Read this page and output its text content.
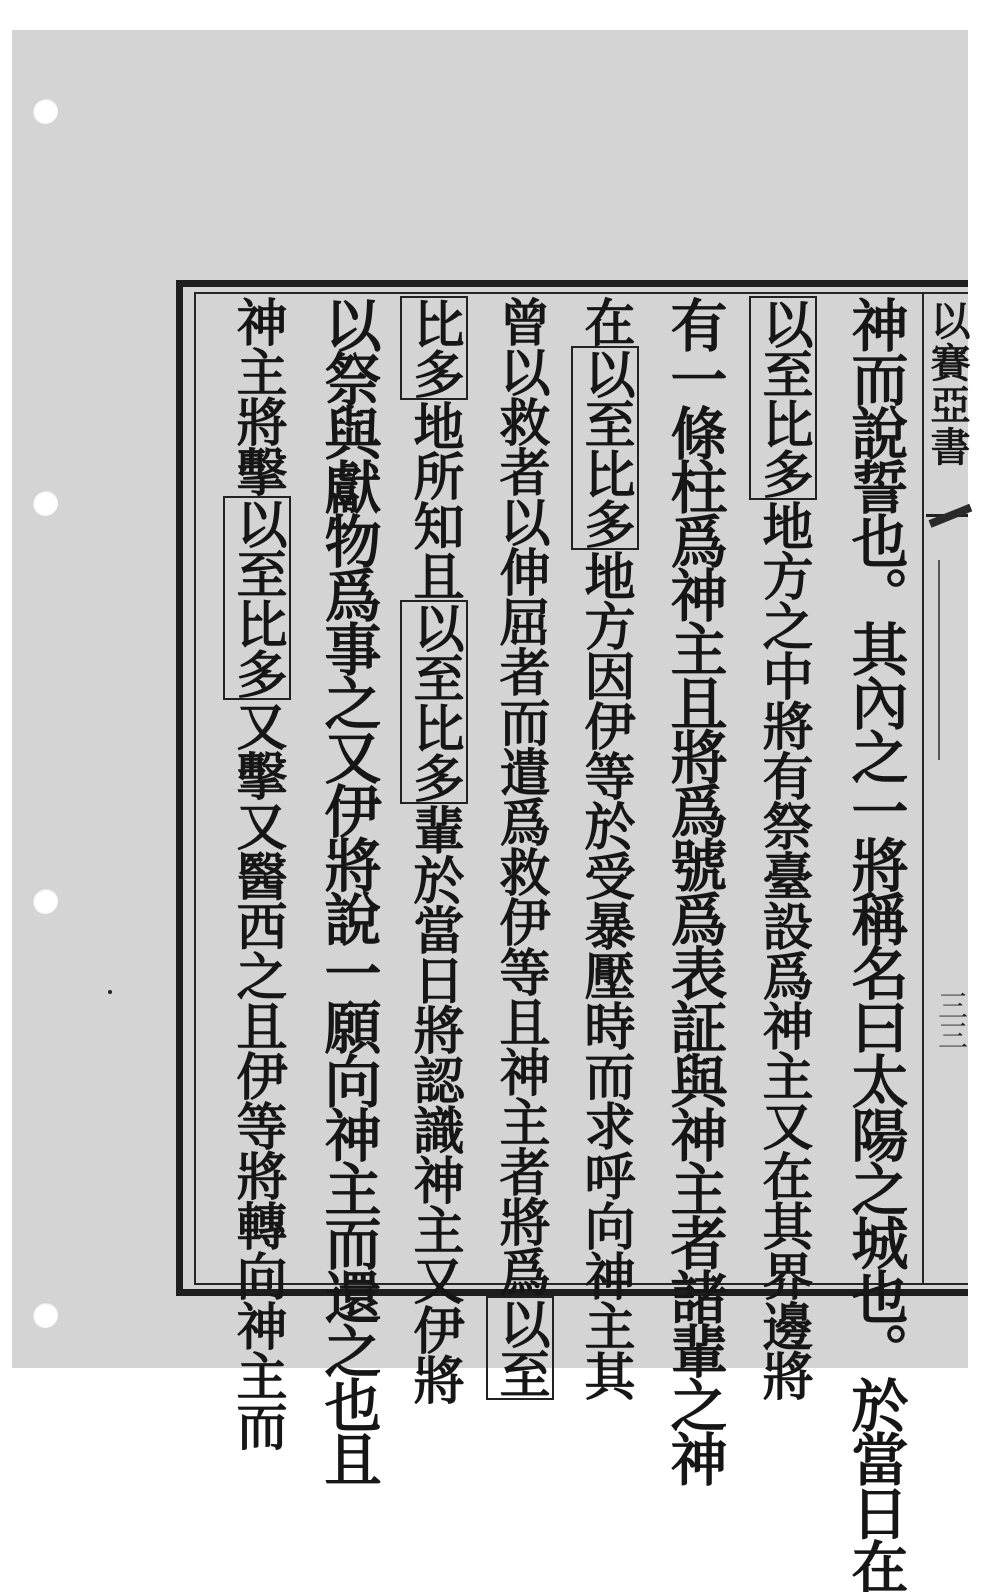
以賽亞書
三三
神而說誓也。其內之一將稱名曰太陽之城也。於當日在
以至比多地方之中將有祭臺設爲神主又在其界邊將
有一條柱爲神主且將爲號爲表証與神主者諸輩之神
在以至比多地方因伊等於受暴壓時而求呼向神主其
曾以救者以伸屈者而遣爲救伊等且神主者將爲以至
比多地所知且以至比多輩於當日將認識神主又伊將
以祭與獻物爲事之又伊將說一願向神主而還之也且
神主將擊以至比多又擊又醫西之且伊等將轉向神主而
